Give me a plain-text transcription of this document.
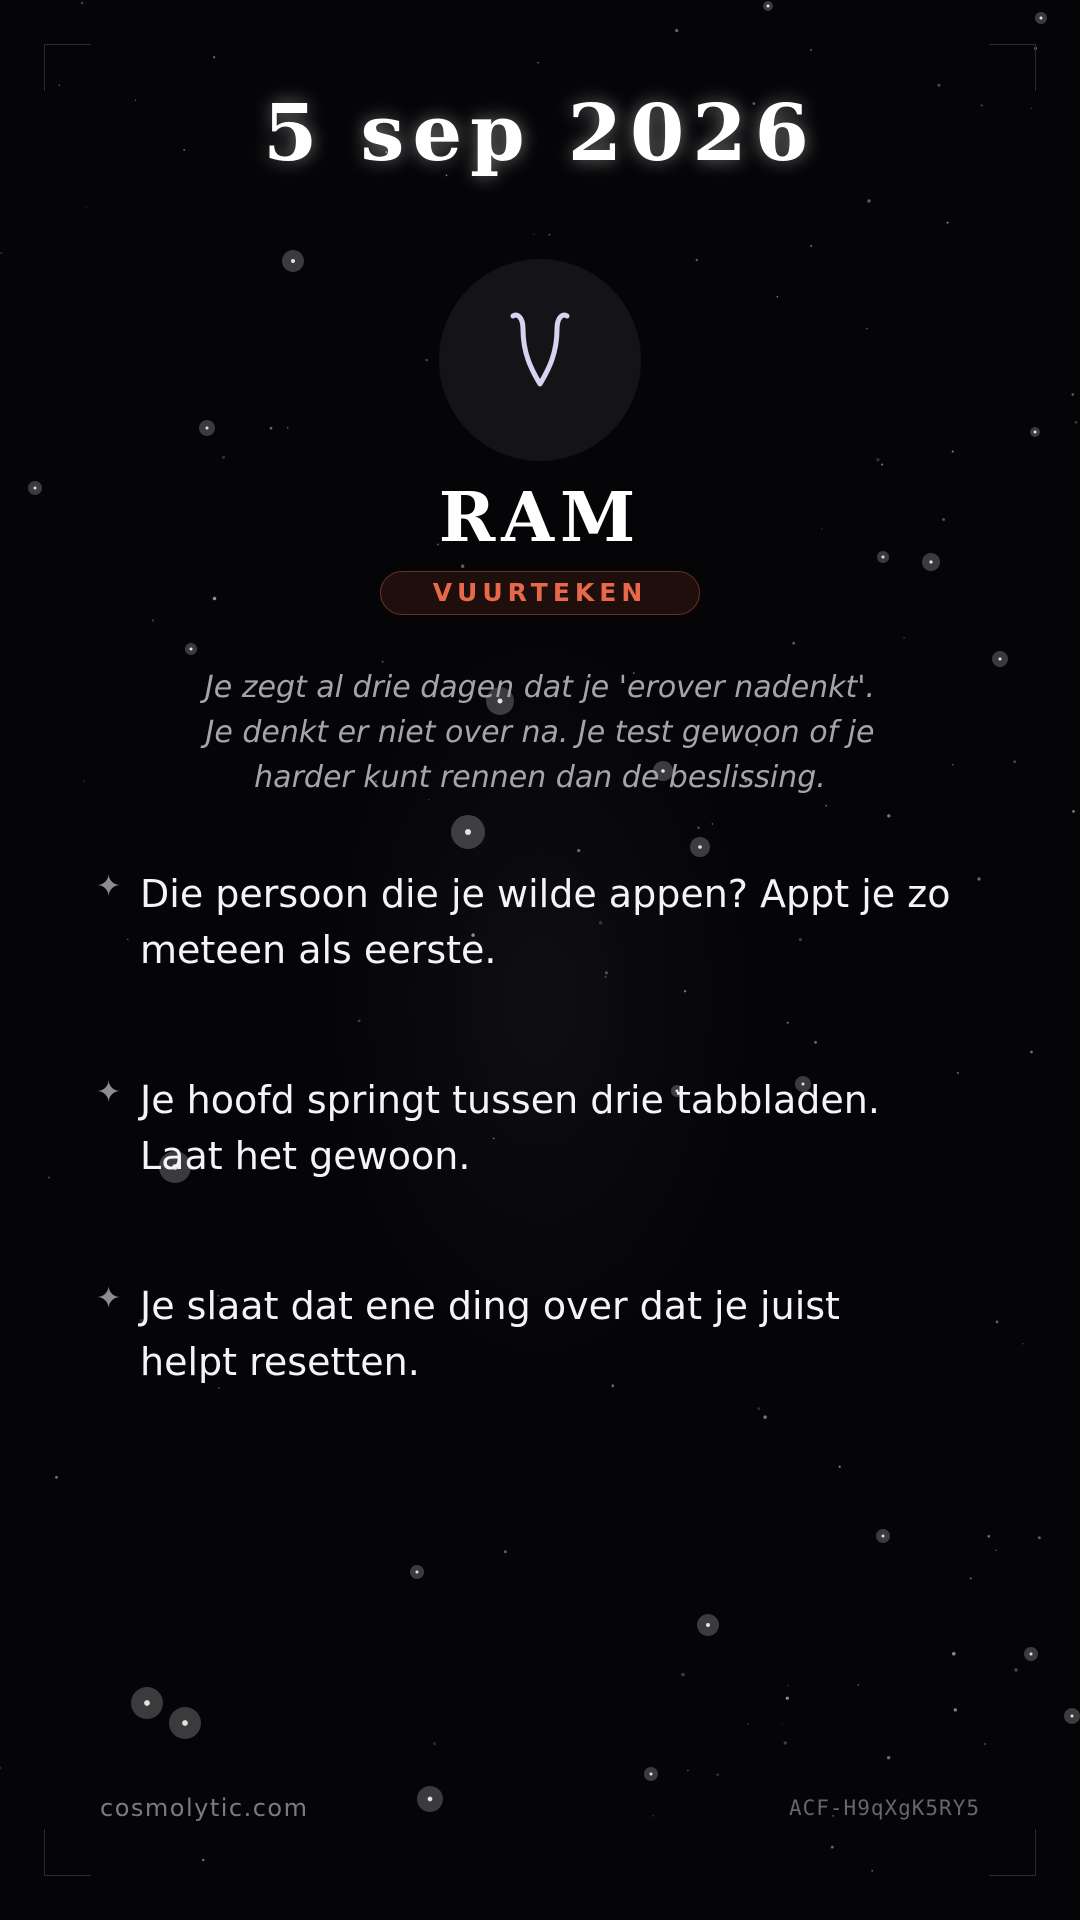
5 sep 2026
RAM
VUURTEKEN
Je zegt al drie dagen dat je 'erover nadenkt'.
Je denkt er niet over na. Je test gewoon of je
harder kunt rennen dan de beslissing.
✦ Die persoon die je wilde appen? Appt je zo
meteen als eerste.
✦ Je hoofd springt tussen drie tabbladen.
Laat het gewoon.
✦ Je slaat dat ene ding over dat je juist
helpt resetten.
cosmolytic.com	ACF-H9qXgK5RY5
